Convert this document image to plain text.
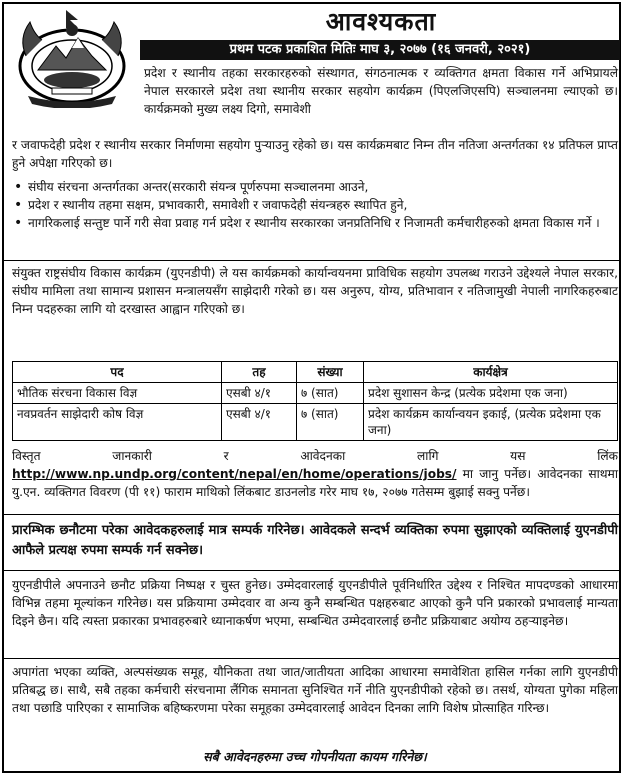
आवश्यकता
प्रथम पटक प्रकाशित मितिः माघ ३, २०७७ (१६ जनवरी, २०२१)

प्रदेश र स्थानीय तहका सरकारहरुको संस्थागत, संगठनात्मक र व्यक्तिगत क्षमता विकास गर्ने अभिप्रायले नेपाल सरकारले प्रदेश तथा स्थानीय सरकार सहयोग कार्यक्रम (पिएलजिएसपि) सञ्चालनमा ल्याएको छ। कार्यक्रमको मुख्य लक्ष्य दिगो, समावेशी

र जवाफदेही प्रदेश र स्थानीय सरकार निर्माणमा सहयोग पुऱ्याउनु रहेको छ। यस कार्यक्रमबाट निम्न तीन नतिजा अन्तर्गतका १४ प्रतिफल प्राप्त हुने अपेक्षा गरिएको छ।

• संघीय संरचना अन्तर्गतका अन्तर(सरकारी संयन्त्र पूर्णरुपमा सञ्चालनमा आउने,
• प्रदेश र स्थानीय तहमा सक्षम, प्रभावकारी, समावेशी र जवाफदेही संयन्त्रहरु स्थापित हुने,
• नागरिकलाई सन्तुष्ट पार्ने गरी सेवा प्रवाह गर्न प्रदेश र स्थानीय सरकारका जनप्रतिनिधि र निजामती कर्मचारीहरुको क्षमता विकास गर्ने ।

संयुक्त राष्ट्रसंघीय विकास कार्यक्रम (युएनडीपी) ले यस कार्यक्रमको कार्यान्वयनमा प्राविधिक सहयोग उपलब्ध गराउने उद्देश्यले नेपाल सरकार, संघीय मामिला तथा सामान्य प्रशासन मन्त्रालयसँग साझेदारी गरेको छ। यस अनुरुप, योग्य, प्रतिभावान र नतिजामुखी नेपाली नागरिकहरुबाट निम्न पदहरुका लागि यो दरखास्त आह्वान गरिएको छ।

पद	तह	संख्या	कार्यक्षेत्र
भौतिक संरचना विकास विज्ञ	एसबी ४/१	७ (सात)	प्रदेश सुशासन केन्द्र (प्रत्येक प्रदेशमा एक जना)
नवप्रवर्तन साझेदारी कोष विज्ञ	एसबी ४/१	७ (सात)	प्रदेश कार्यक्रम कार्यान्वयन इकाई, (प्रत्येक प्रदेशमा एक जना)

विस्तृत जानकारी र आवेदनका लागि यस लिंक http://www.np.undp.org/content/nepal/en/home/operations/jobs/ मा जानु पर्नेछ। आवेदनका साथमा यु.एन. व्यक्तिगत विवरण (पी ११) फाराम माथिको लिंकबाट डाउनलोड गरेर माघ १७, २०७७ गतेसम्म बुझाई सक्नु पर्नेछ।

प्रारम्भिक छनौटमा परेका आवेदकहरुलाई मात्र सम्पर्क गरिनेछ। आवेदकले सन्दर्भ व्यक्तिका रुपमा सुझाएको व्यक्तिलाई युएनडीपी आफैले प्रत्यक्ष रुपमा सम्पर्क गर्न सक्नेछ।

युएनडीपीले अपनाउने छनौट प्रक्रिया निष्पक्ष र चुस्त हुनेछ। उम्मेदवारलाई युएनडीपीले पूर्वनिर्धारित उद्देश्य र निश्चित मापदण्डको आधारमा विभिन्न तहमा मूल्यांकन गरिनेछ। यस प्रक्रियामा उम्मेदवार वा अन्य कुनै सम्बन्धित पक्षहरुबाट आएको कुनै पनि प्रकारको प्रभावलाई मान्यता दिइने छैन। यदि त्यस्ता प्रकारका प्रभावहरुबारे ध्यानाकर्षण भएमा, सम्बन्धित उम्मेदवारलाई छनौट प्रक्रियाबाट अयोग्य ठहऱ्याइनेछ।

अपागंता भएका व्यक्ति, अल्पसंख्यक समूह, यौनिकता तथा जात/जातीयता आदिका आधारमा समावेशिता हासिल गर्नका लागि युएनडीपी प्रतिबद्ध छ। साथै, सबै तहका कर्मचारी संरचनामा लैंगिक समानता सुनिश्चित गर्ने नीति युएनडीपीको रहेको छ। तसर्थ, योग्यता पुगेका महिला तथा पछाडि पारिएका र सामाजिक बहिष्करणमा परेका समूहका उम्मेदवारलाई आवेदन दिनका लागि विशेष प्रोत्साहित गरिन्छ।

सबै आवेदनहरुमा उच्च गोपनीयता कायम गरिनेछ।
